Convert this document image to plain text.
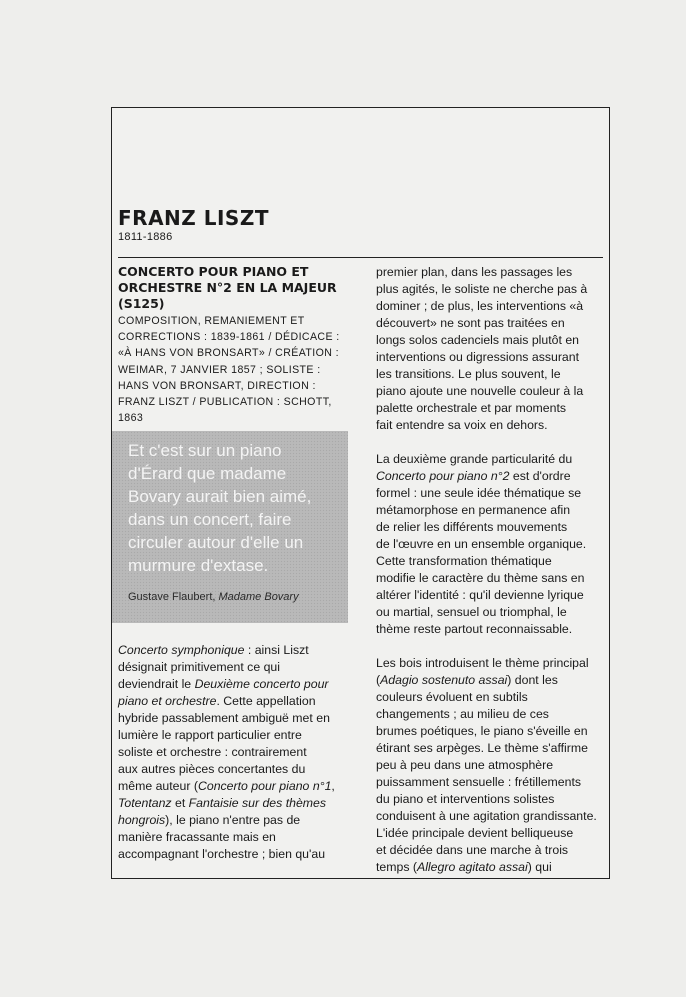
FRANZ LISZT
1811-1886
CONCERTO POUR PIANO ET
ORCHESTRE N°2 EN LA MAJEUR
(S125)
COMPOSITION, REMANIEMENT ET
CORRECTIONS : 1839-1861 / DÉDICACE :
«À HANS VON BRONSART» / CRÉATION :
WEIMAR, 7 JANVIER 1857 ; SOLISTE :
HANS VON BRONSART, DIRECTION :
FRANZ LISZT / PUBLICATION : SCHOTT,
1863
Et c'est sur un piano
d'Érard que madame
Bovary aurait bien aimé,
dans un concert, faire
circuler autour d'elle un
murmure d'extase.
Gustave Flaubert, Madame Bovary
Concerto symphonique : ainsi Liszt
désignait primitivement ce qui
deviendrait le Deuxième concerto pour
piano et orchestre. Cette appellation
hybride passablement ambiguë met en
lumière le rapport particulier entre
soliste et orchestre : contrairement
aux autres pièces concertantes du
même auteur (Concerto pour piano n°1,
Totentanz et Fantaisie sur des thèmes
hongrois), le piano n'entre pas de
manière fracassante mais en
accompagnant l'orchestre ; bien qu'au
premier plan, dans les passages les
plus agités, le soliste ne cherche pas à
dominer ; de plus, les interventions «à
découvert» ne sont pas traitées en
longs solos cadenciels mais plutôt en
interventions ou digressions assurant
les transitions. Le plus souvent, le
piano ajoute une nouvelle couleur à la
palette orchestrale et par moments
fait entendre sa voix en dehors.
La deuxième grande particularité du
Concerto pour piano n°2 est d'ordre
formel : une seule idée thématique se
métamorphose en permanence afin
de relier les différents mouvements
de l'œuvre en un ensemble organique.
Cette transformation thématique
modifie le caractère du thème sans en
altérer l'identité : qu'il devienne lyrique
ou martial, sensuel ou triomphal, le
thème reste partout reconnaissable.
Les bois introduisent le thème principal
(Adagio sostenuto assai) dont les
couleurs évoluent en subtils
changements ; au milieu de ces
brumes poétiques, le piano s'éveille en
étirant ses arpèges. Le thème s'affirme
peu à peu dans une atmosphère
puissamment sensuelle : frétillements
du piano et interventions solistes
conduisent à une agitation grandissante.
L'idée principale devient belliqueuse
et décidée dans une marche à trois
temps (Allegro agitato assai) qui
